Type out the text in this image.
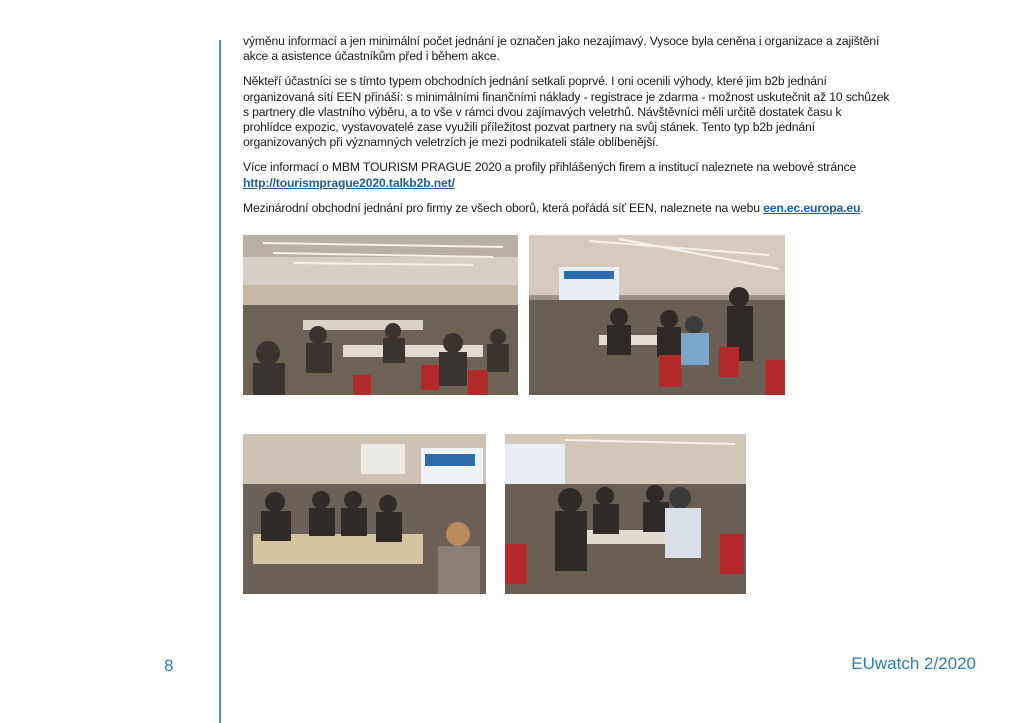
výměnu informací a jen minimální počet jednání je označen jako nezajímavý. Vysoce byla ceněna i organizace a zajištění akce a asistence účastníkům před i během akce.

Někteří účastníci se s tímto typem obchodních jednání setkali poprvé. I oni ocenili výhody, které jim b2b jednání organizovaná sítí EEN přináší: s minimálními finančními náklady - registrace je zdarma - možnost uskutečnit až 10 schůzek s partnery dle vlastního výběru, a to vše v rámci dvou zajímavých veletrhů. Návštěvníci měli určitě dostatek času k prohlídce expozic, vystavovatelé zase využili příležitost pozvat partnery na svůj stánek. Tento typ b2b jednání organizovaných při významných veletrzích je mezi podnikateli stále oblíbenější.

Více informací o MBM TOURISM PRAGUE 2020 a profily přihlášených firem a institucí naleznete na webové stránce
http://tourismprague2020.talkb2b.net/

Mezinárodní obchodní jednání pro firmy ze všech oborů, která pořádá síť EEN, naleznete na webu een.ec.europa.eu.

8	EUwatch 2/2020
